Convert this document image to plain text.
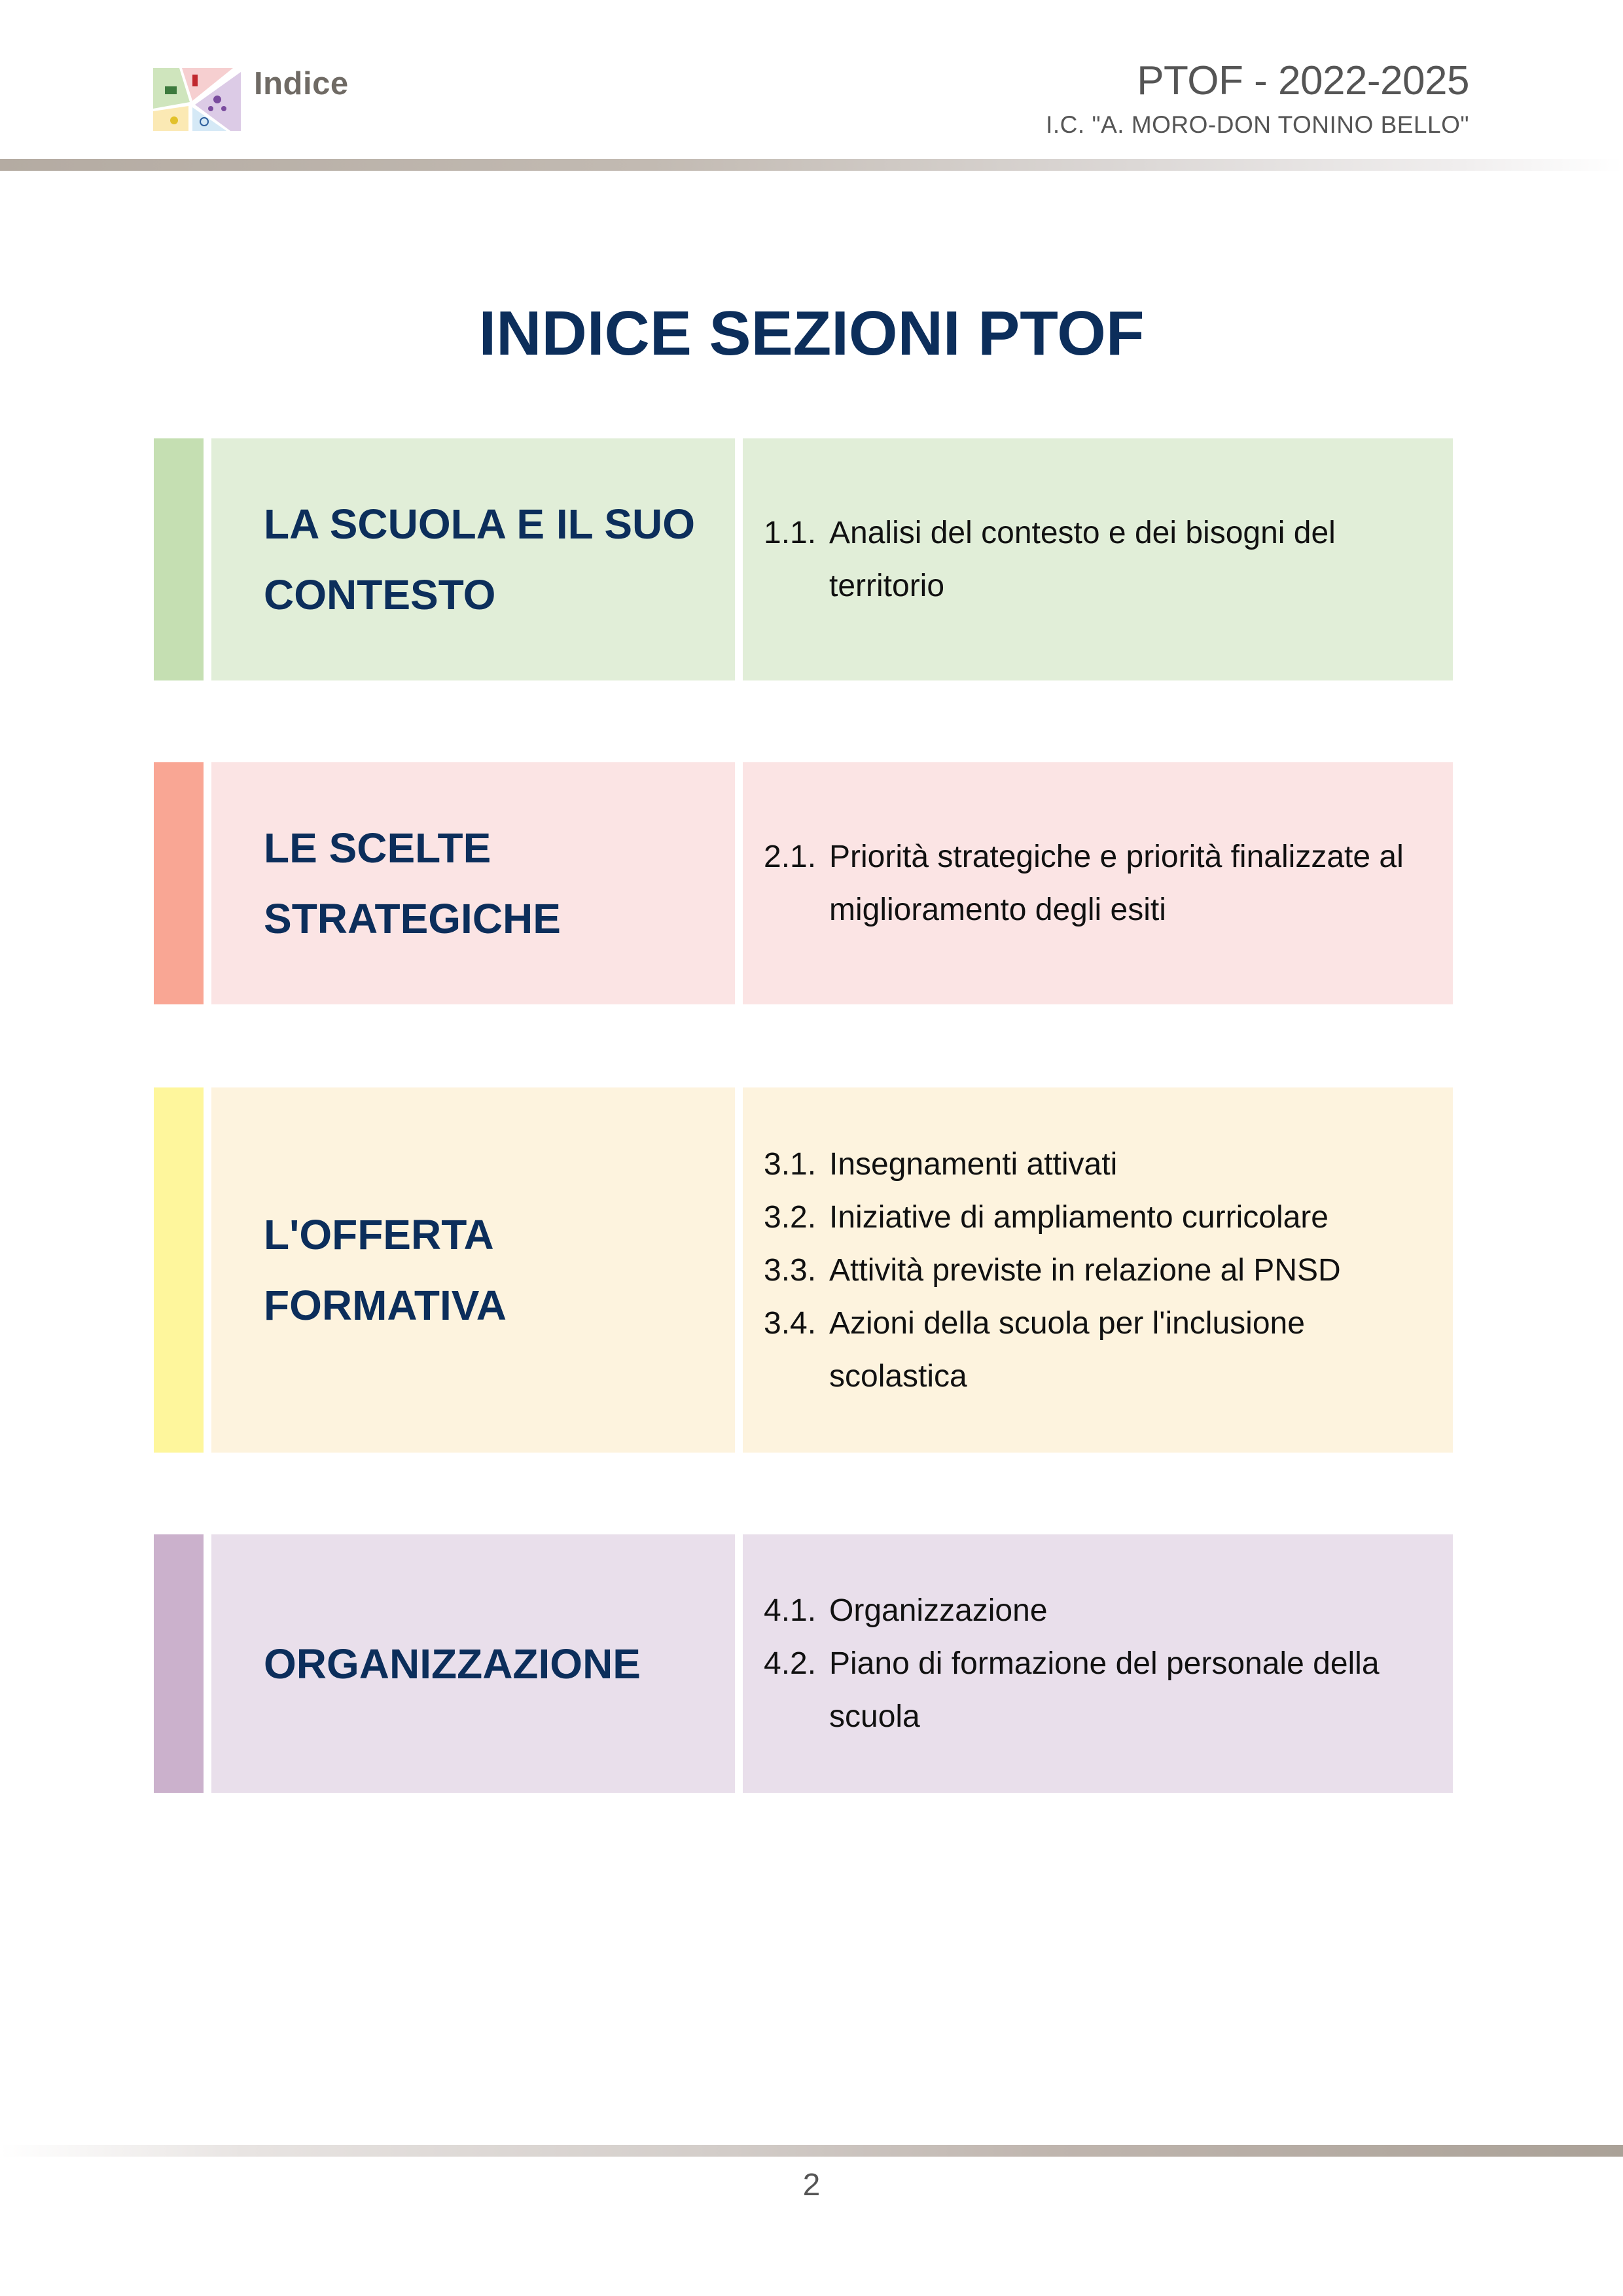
Indice	PTOF - 2022-2025
I.C. "A. MORO-DON TONINO BELLO"
INDICE SEZIONI PTOF
LA SCUOLA E IL SUO
CONTESTO
1.1. Analisi del contesto e dei bisogni del territorio
LE SCELTE
STRATEGICHE
2.1. Priorità strategiche e priorità finalizzate al miglioramento degli esiti
L'OFFERTA
FORMATIVA
3.1. Insegnamenti attivati
3.2. Iniziative di ampliamento curricolare
3.3. Attività previste in relazione al PNSD
3.4. Azioni della scuola per l'inclusione scolastica
ORGANIZZAZIONE
4.1. Organizzazione
4.2. Piano di formazione del personale della scuola
2
